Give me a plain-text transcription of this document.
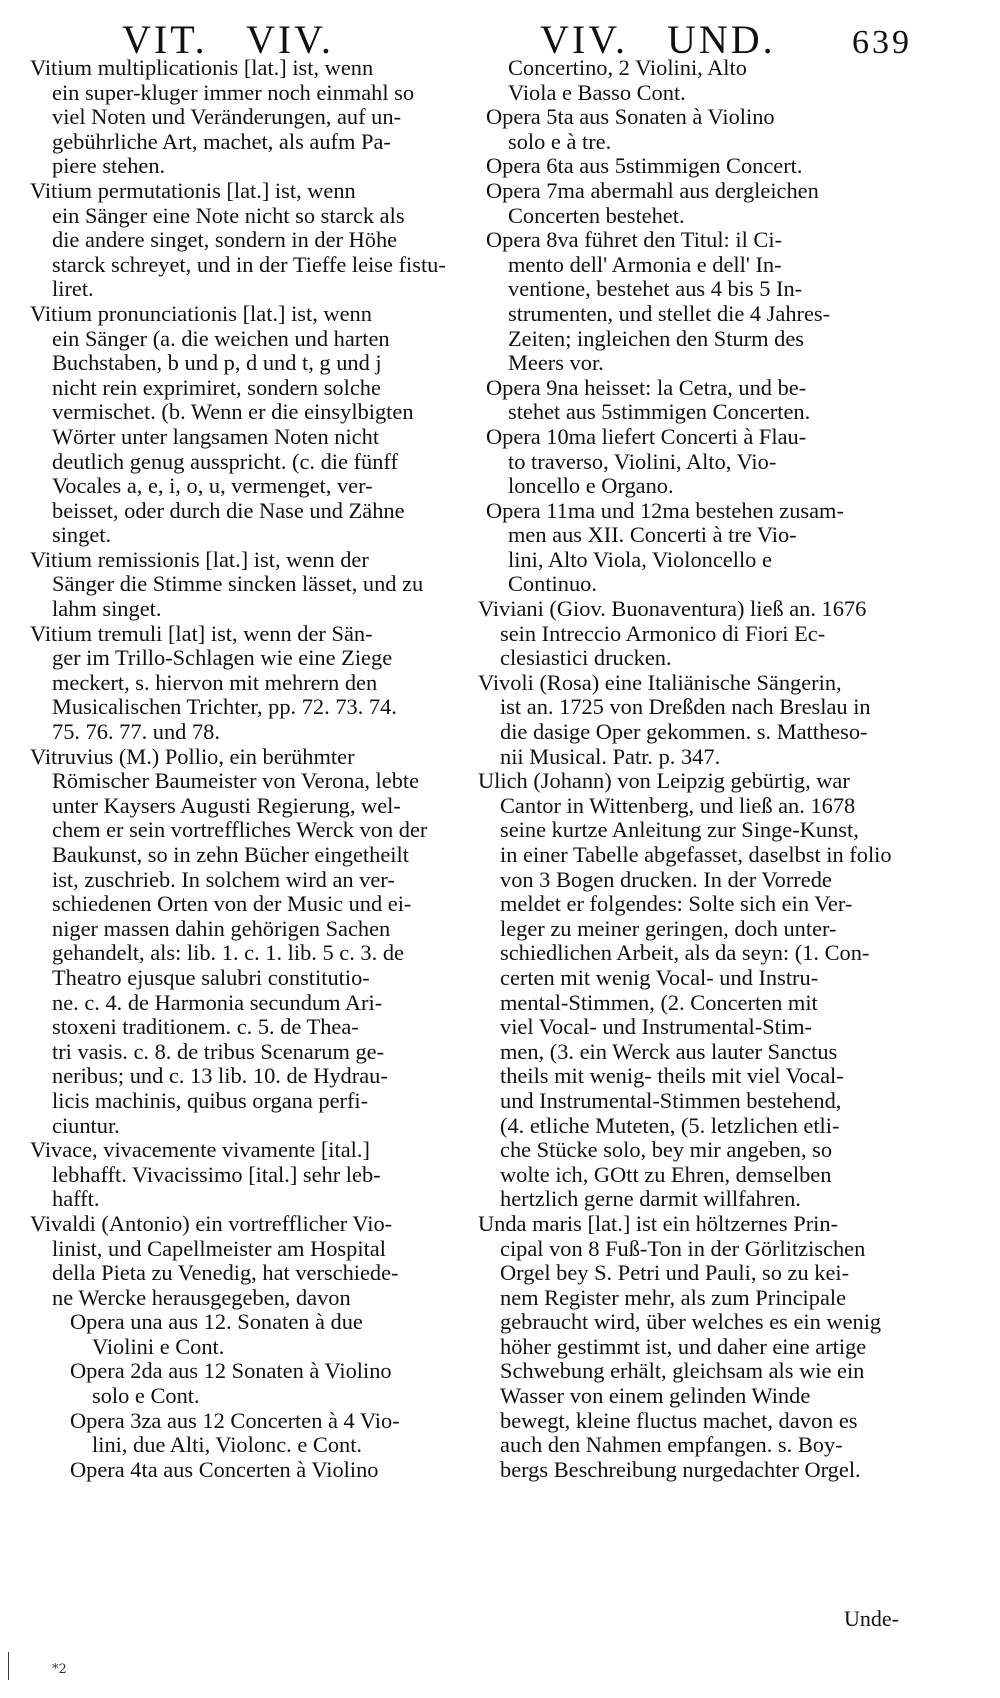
VIT.   VIV.	VIV.   UND. 639
Vitium multiplicationis [lat.] ist, wenn
ein super-kluger immer noch einmahl so
viel Noten und Veränderungen, auf un-
gebührliche Art, machet, als aufm Pa-
piere stehen.
Vitium permutationis [lat.] ist, wenn
ein Sänger eine Note nicht so starck als
die andere singet, sondern in der Höhe
starck schreyet, und in der Tieffe leise fistu-
liret.
Vitium pronunciationis [lat.] ist, wenn
ein Sänger (a. die weichen und harten
Buchstaben, b und p, d und t, g und j
nicht rein exprimiret, sondern solche
vermischet. (b. Wenn er die einsylbigten
Wörter unter langsamen Noten nicht
deutlich genug ausspricht. (c. die fünff
Vocales a, e, i, o, u, vermenget, ver-
beisset, oder durch die Nase und Zähne
singet.
Vitium remissionis [lat.] ist, wenn der
Sänger die Stimme sincken lässet, und zu
lahm singet.
Vitium tremuli [lat] ist, wenn der Sän-
ger im Trillo-Schlagen wie eine Ziege
meckert, s. hiervon mit mehrern den
Musicalischen Trichter, pp. 72. 73. 74.
75. 76. 77. und 78.
Vitruvius (M.) Pollio, ein berühmter
Römischer Baumeister von Verona, lebte
unter Kaysers Augusti Regierung, wel-
chem er sein vortreffliches Werck von der
Baukunst, so in zehn Bücher eingetheilt
ist, zuschrieb. In solchem wird an ver-
schiedenen Orten von der Music und ei-
niger massen dahin gehörigen Sachen
gehandelt, als: lib. 1. c. 1. lib. 5 c. 3. de
Theatro ejusque salubri constitutio-
ne. c. 4. de Harmonia secundum Ari-
stoxeni traditionem. c. 5. de Thea-
tri vasis. c. 8. de tribus Scenarum ge-
neribus; und c. 13 lib. 10. de Hydrau-
licis machinis, quibus organa perfi-
ciuntur.
Vivace, vivacemente vivamente [ital.]
lebhafft. Vivacissimo [ital.] sehr leb-
hafft.
Vivaldi (Antonio) ein vortrefflicher Vio-
linist, und Capellmeister am Hospital
della Pieta zu Venedig, hat verschiede-
ne Wercke herausgegeben, davon
Opera una aus 12. Sonaten à due
Violini e Cont.
Opera 2da aus 12 Sonaten à Violino
solo e Cont.
Opera 3za aus 12 Concerten à 4 Vio-
lini, due Alti, Violonc. e Cont.
Opera 4ta aus Concerten à Violino
Concertino, 2 Violini, Alto
Viola e Basso Cont.
Opera 5ta aus Sonaten à Violino
solo e à tre.
Opera 6ta aus 5stimmigen Concert.
Opera 7ma abermahl aus dergleichen
Concerten bestehet.
Opera 8va führet den Titul: il Ci-
mento dell' Armonia e dell' In-
ventione, bestehet aus 4 bis 5 In-
strumenten, und stellet die 4 Jahres-
Zeiten; ingleichen den Sturm des
Meers vor.
Opera 9na heisset: la Cetra, und be-
stehet aus 5stimmigen Concerten.
Opera 10ma liefert Concerti à Flau-
to traverso, Violini, Alto, Vio-
loncello e Organo.
Opera 11ma und 12ma bestehen zusam-
men aus XII. Concerti à tre Vio-
lini, Alto Viola, Violoncello e
Continuo.
Viviani (Giov. Buonaventura) ließ an. 1676
sein Intreccio Armonico di Fiori Ec-
clesiastici drucken.
Vivoli (Rosa) eine Italiänische Sängerin,
ist an. 1725 von Dreßden nach Breslau in
die dasige Oper gekommen. s. Mattheso-
nii Musical. Patr. p. 347.
Ulich (Johann) von Leipzig gebürtig, war
Cantor in Wittenberg, und ließ an. 1678
seine kurtze Anleitung zur Singe-Kunst,
in einer Tabelle abgefasset, daselbst in folio
von 3 Bogen drucken. In der Vorrede
meldet er folgendes: Solte sich ein Ver-
leger zu meiner geringen, doch unter-
schiedlichen Arbeit, als da seyn: (1. Con-
certen mit wenig Vocal- und Instru-
mental-Stimmen, (2. Concerten mit
viel Vocal- und Instrumental-Stim-
men, (3. ein Werck aus lauter Sanctus
theils mit wenig- theils mit viel Vocal-
und Instrumental-Stimmen bestehend,
(4. etliche Muteten, (5. letzlichen etli-
che Stücke solo, bey mir angeben, so
wolte ich, GOtt zu Ehren, demselben
hertzlich gerne darmit willfahren.
Unda maris [lat.] ist ein höltzernes Prin-
cipal von 8 Fuß-Ton in der Görlitzischen
Orgel bey S. Petri und Pauli, so zu kei-
nem Register mehr, als zum Principale
gebraucht wird, über welches es ein wenig
höher gestimmt ist, und daher eine artige
Schwebung erhält, gleichsam als wie ein
Wasser von einem gelinden Winde
bewegt, kleine fluctus machet, davon es
auch den Nahmen empfangen. s. Boy-
bergs Beschreibung nurgedachter Orgel.
Unde-
*2
